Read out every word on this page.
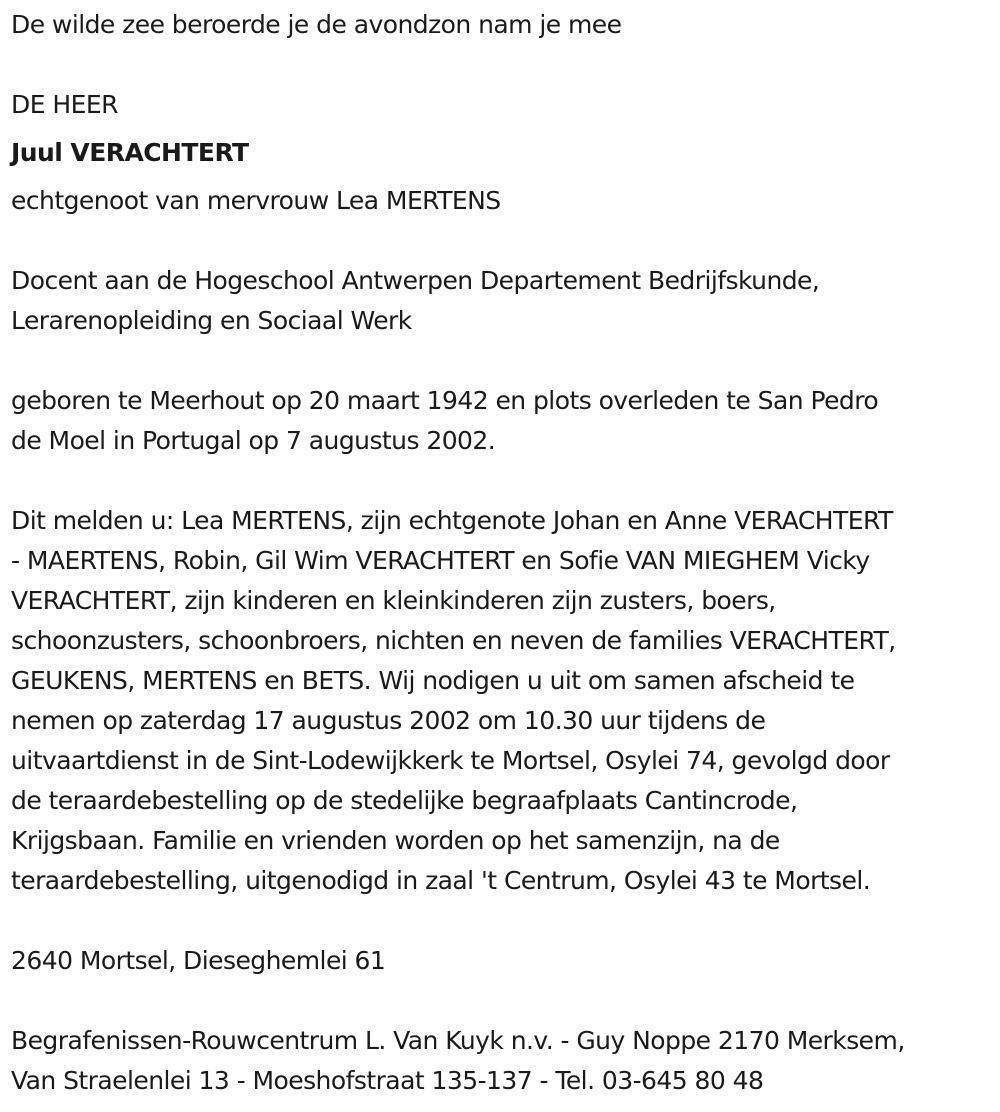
De wilde zee beroerde je de avondzon nam je mee

DE HEER

Juul VERACHTERT

echtgenoot van mervrouw Lea MERTENS

Docent aan de Hogeschool Antwerpen Departement Bedrijfskunde,

Lerarenopleiding en Sociaal Werk

geboren te Meerhout op 20 maart 1942 en plots overleden te San Pedro

de Moel in Portugal op 7 augustus 2002.

Dit melden u: Lea MERTENS, zijn echtgenote Johan en Anne VERACHTERT

- MAERTENS, Robin, Gil Wim VERACHTERT en Sofie VAN MIEGHEM Vicky

VERACHTERT, zijn kinderen en kleinkinderen zijn zusters, boers,

schoonzusters, schoonbroers, nichten en neven de families VERACHTERT,

GEUKENS, MERTENS en BETS. Wij nodigen u uit om samen afscheid te

nemen op zaterdag 17 augustus 2002 om 10.30 uur tijdens de

uitvaartdienst in de Sint-Lodewijkkerk te Mortsel, Osylei 74, gevolgd door

de teraardebestelling op de stedelijke begraafplaats Cantincrode,

Krijgsbaan. Familie en vrienden worden op het samenzijn, na de

teraardebestelling, uitgenodigd in zaal 't Centrum, Osylei 43 te Mortsel.

2640 Mortsel, Dieseghemlei 61

Begrafenissen-Rouwcentrum L. Van Kuyk n.v. - Guy Noppe 2170 Merksem,

Van Straelenlei 13 - Moeshofstraat 135-137 - Tel. 03-645 80 48
